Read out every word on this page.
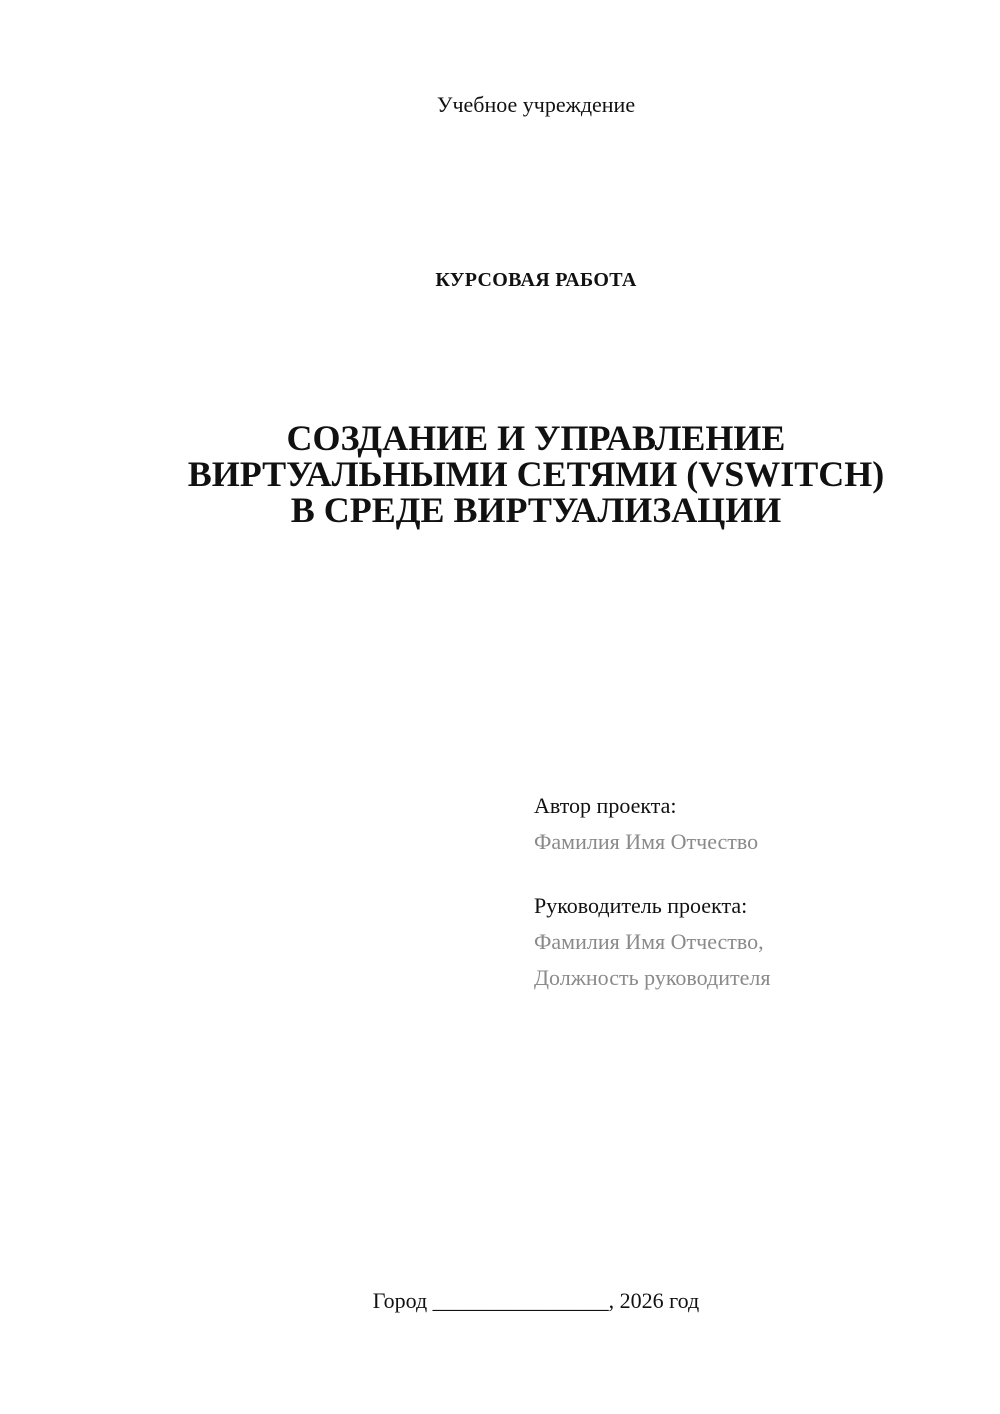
Учебное учреждение
КУРСОВАЯ РАБОТА
СОЗДАНИЕ И УПРАВЛЕНИЕ
ВИРТУАЛЬНЫМИ СЕТЯМИ (VSWITCH)
В СРЕДЕ ВИРТУАЛИЗАЦИИ
Автор проекта:
Фамилия Имя Отчество
Руководитель проекта:
Фамилия Имя Отчество,
Должность руководителя
Город ________________, 2026 год
